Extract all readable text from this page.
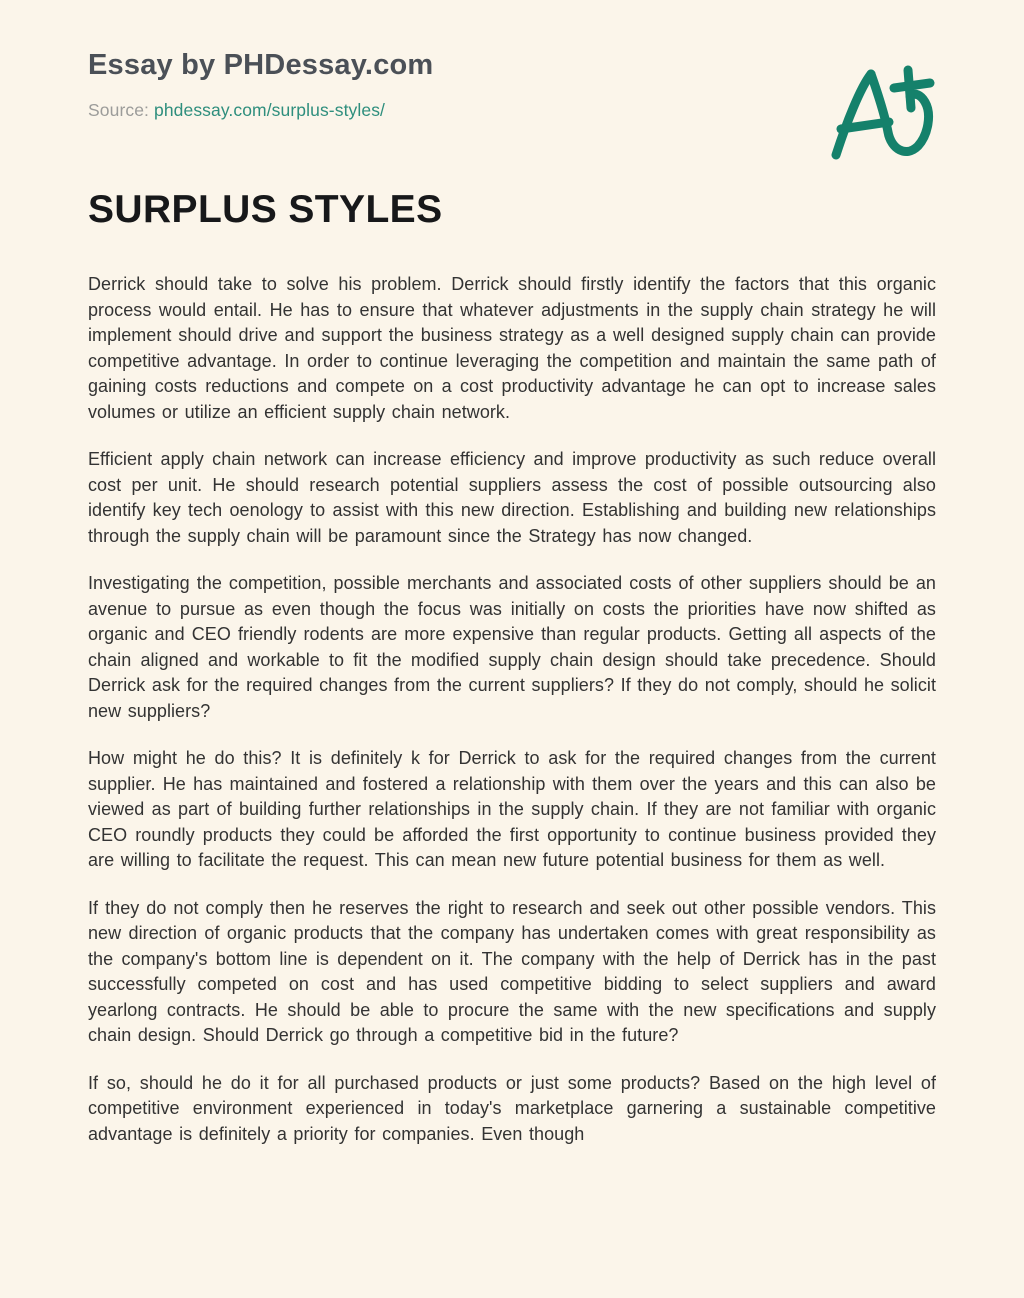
Essay by PHDessay.com
Source: phdessay.com/surplus-styles/
SURPLUS STYLES

Derrick should take to solve his problem. Derrick should firstly identify the factors that this organic process would entail. He has to ensure that whatever adjustments in the supply chain strategy he will implement should drive and support the business strategy as a well designed supply chain can provide competitive advantage. In order to continue leveraging the competition and maintain the same path of gaining costs reductions and compete on a cost productivity advantage he can opt to increase sales volumes or utilize an efficient supply chain network.

Efficient apply chain network can increase efficiency and improve productivity as such reduce overall cost per unit. He should research potential suppliers assess the cost of possible outsourcing also identify key tech oenology to assist with this new direction. Establishing and building new relationships through the supply chain will be paramount since the Strategy has now changed.

Investigating the competition, possible merchants and associated costs of other suppliers should be an avenue to pursue as even though the focus was initially on costs the priorities have now shifted as organic and CEO friendly rodents are more expensive than regular products. Getting all aspects of the chain aligned and workable to fit the modified supply chain design should take precedence. Should Derrick ask for the required changes from the current suppliers? If they do not comply, should he solicit new suppliers?

How might he do this? It is definitely k for Derrick to ask for the required changes from the current supplier. He has maintained and fostered a relationship with them over the years and this can also be viewed as part of building further relationships in the supply chain. If they are not familiar with organic CEO roundly products they could be afforded the first opportunity to continue business provided they are willing to facilitate the request. This can mean new future potential business for them as well.

If they do not comply then he reserves the right to research and seek out other possible vendors. This new direction of organic products that the company has undertaken comes with great responsibility as the company's bottom line is dependent on it. The company with the help of Derrick has in the past successfully competed on cost and has used competitive bidding to select suppliers and award yearlong contracts. He should be able to procure the same with the new specifications and supply chain design. Should Derrick go through a competitive bid in the future?

If so, should he do it for all purchased products or just some products? Based on the high level of competitive environment experienced in today's marketplace garnering a sustainable competitive advantage is definitely a priority for companies. Even though
